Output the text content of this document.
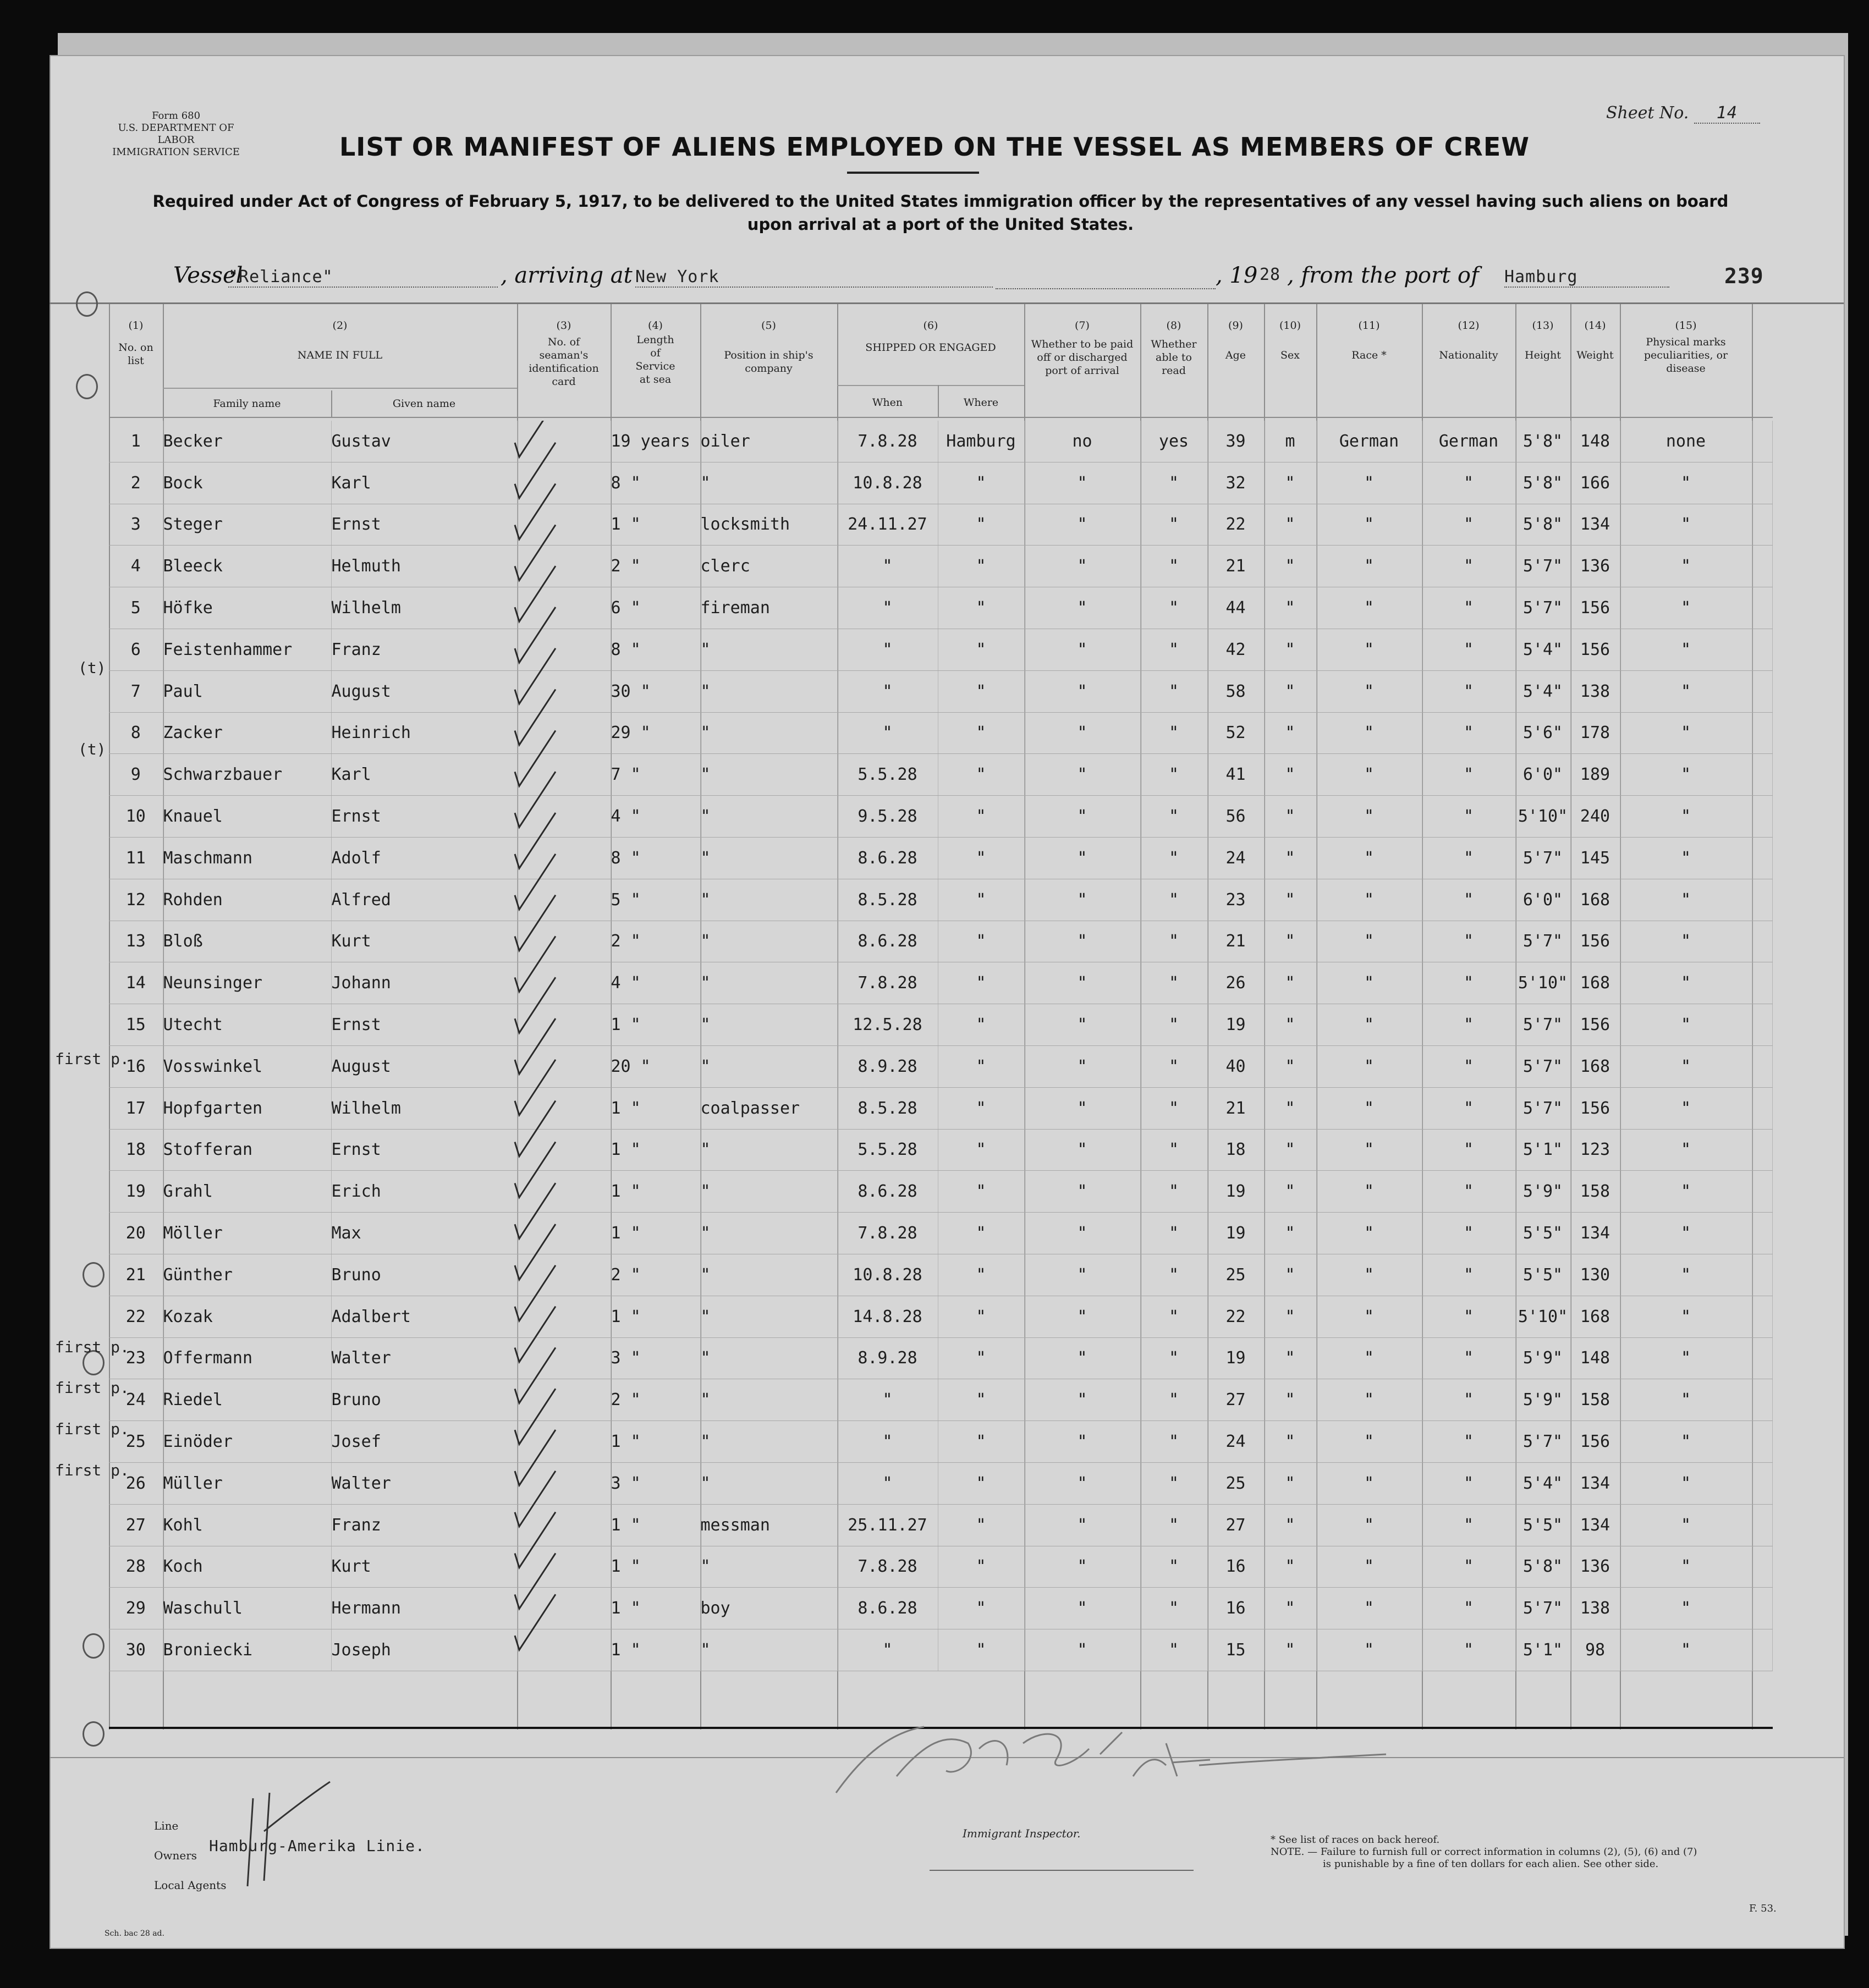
Form 680
U.S. DEPARTMENT OF LABOR
IMMIGRATION SERVICE
Sheet No. 14
LIST OR MANIFEST OF ALIENS EMPLOYED ON THE VESSEL AS MEMBERS OF CREW
Required under Act of Congress of February 5, 1917, to be delivered to the United States immigration officer by the representatives of any vessel having such aliens on board
upon arrival at a port of the United States.
Vessel
"Reliance"	, arriving at New York	, 19 28 , from the port of Hamburg	239
(1)
No. on list
(2)
NAME IN FULL
Family name	Given name
(3)
No. of seaman's identification card
(4)
Length of Service at sea
(5)
Position in ship's company
(6)
SHIPPED OR ENGAGED
When	Where
(7)
Whether to be paid off or discharged port of arrival
(8)
Whether able to read
(9)
Age
(10)
Sex
(11)
Race *
(12)
Nationality
(13)
Height
(14)
Weight
(15)
Physical marks peculiarities, or disease
1	Becker	Gustav		19 years	oiler	7.8.28	Hamburg	no	yes	39	m	German	German	5'8"	148	none	
2	Bock	Karl		8 "	"	10.8.28	"	"	"	32	"	"	"	5'8"	166	"	
3	Steger	Ernst		1 "	locksmith	24.11.27	"	"	"	22	"	"	"	5'8"	134	"	
4	Bleeck	Helmuth		2 "	clerc	"	"	"	"	21	"	"	"	5'7"	136	"	
5	Höfke	Wilhelm		6 "	fireman	"	"	"	"	44	"	"	"	5'7"	156	"	
6	Feistenhammer	Franz		8 "	"	"	"	"	"	42	"	"	"	5'4"	156	"	
7	Paul	August		30 "	"	"	"	"	"	58	"	"	"	5'4"	138	"	
8	Zacker	Heinrich		29 "	"	"	"	"	"	52	"	"	"	5'6"	178	"	
9	Schwarzbauer	Karl		7 "	"	5.5.28	"	"	"	41	"	"	"	6'0"	189	"	
10	Knauel	Ernst		4 "	"	9.5.28	"	"	"	56	"	"	"	5'10"	240	"	
11	Maschmann	Adolf		8 "	"	8.6.28	"	"	"	24	"	"	"	5'7"	145	"	
12	Rohden	Alfred		5 "	"	8.5.28	"	"	"	23	"	"	"	6'0"	168	"	
13	Bloß	Kurt		2 "	"	8.6.28	"	"	"	21	"	"	"	5'7"	156	"	
14	Neunsinger	Johann		4 "	"	7.8.28	"	"	"	26	"	"	"	5'10"	168	"	
15	Utecht	Ernst		1 "	"	12.5.28	"	"	"	19	"	"	"	5'7"	156	"	
16	Vosswinkel	August		20 "	"	8.9.28	"	"	"	40	"	"	"	5'7"	168	"	
17	Hopfgarten	Wilhelm		1 "	coalpasser	8.5.28	"	"	"	21	"	"	"	5'7"	156	"	
18	Stofferan	Ernst		1 "	"	5.5.28	"	"	"	18	"	"	"	5'1"	123	"	
19	Grahl	Erich		1 "	"	8.6.28	"	"	"	19	"	"	"	5'9"	158	"	
20	Möller	Max		1 "	"	7.8.28	"	"	"	19	"	"	"	5'5"	134	"	
21	Günther	Bruno		2 "	"	10.8.28	"	"	"	25	"	"	"	5'5"	130	"	
22	Kozak	Adalbert		1 "	"	14.8.28	"	"	"	22	"	"	"	5'10"	168	"	
23	Offermann	Walter		3 "	"	8.9.28	"	"	"	19	"	"	"	5'9"	148	"	
24	Riedel	Bruno		2 "	"	"	"	"	"	27	"	"	"	5'9"	158	"	
25	Einöder	Josef		1 "	"	"	"	"	"	24	"	"	"	5'7"	156	"	
26	Müller	Walter		3 "	"	"	"	"	"	25	"	"	"	5'4"	134	"	
27	Kohl	Franz		1 "	messman	25.11.27	"	"	"	27	"	"	"	5'5"	134	"	
28	Koch	Kurt		1 "	"	7.8.28	"	"	"	16	"	"	"	5'8"	136	"	
29	Waschull	Hermann		1 "	boy	8.6.28	"	"	"	16	"	"	"	5'7"	138	"	
30	Broniecki	Joseph		1 "	"	"	"	"	"	15	"	"	"	5'1"	98	"	
(t)
(t)
first p.
first p.
first p.
first p.
first p.
Line
Owners
Hamburg-Amerika Linie.
Local Agents
Immigrant Inspector.	* See list of races on back hereof.
NOTE. — Failure to furnish full or correct information in columns (2), (5), (6) and (7)
is punishable by a fine of ten dollars for each alien. See other side.
F. 53.
Sch. bac 28 ad.
